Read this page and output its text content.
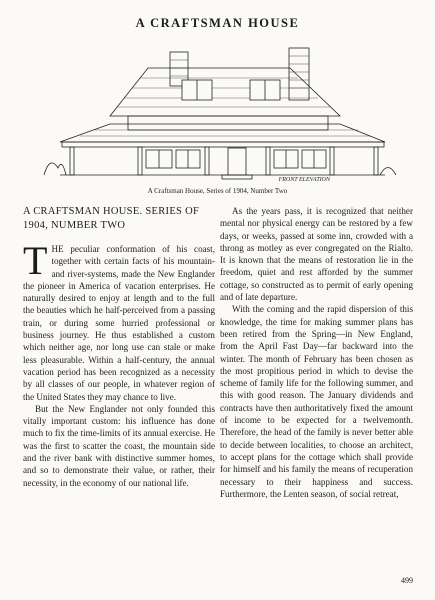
A CRAFTSMAN HOUSE
FRONT ELEVATION
A Craftsman House, Series of 1904, Number Two
A CRAFTSMAN HOUSE. SERIES OF 1904, NUMBER TWO

THE peculiar conformation of his coast, together with certain facts of his mountain- and river-systems, made the New Englander the pioneer in America of vacation enterprises. He naturally desired to enjoy at length and to the full the beauties which he half-perceived from a passing train, or during some hurried professional or business journey. He thus established a custom which neither age, nor long use can stale or make less pleasurable. Within a half-century, the annual vacation period has been recognized as a necessity by all classes of our people, in whatever region of the United States they may chance to live.

But the New Englander not only founded this vitally important custom: his influence has done much to fix the time-limits of its annual exercise. He was the first to scatter the coast, the mountain side and the river bank with distinctive summer homes, and so to demonstrate their value, or rather, their necessity, in the economy of our national life.

As the years pass, it is recognized that neither mental nor physical energy can be restored by a few days, or weeks, passed at some inn, crowded with a throng as motley as ever congregated on the Rialto. It is known that the means of restoration lie in the freedom, quiet and rest afforded by the summer cottage, so constructed as to permit of early opening and of late departure.

With the coming and the rapid dispersion of this knowledge, the time for making summer plans has been retired from the Spring—in New England, from the April Fast Day—far backward into the winter. The month of February has been chosen as the most propitious period in which to devise the scheme of family life for the following summer, and this with good reason. The January dividends and contracts have then authoritatively fixed the amount of income to be expected for a twelvemonth. Therefore, the head of the family is never better able to decide between localities, to choose an architect, to accept plans for the cottage which shall provide for himself and his family the means of recuperation necessary to their happiness and success. Furthermore, the Lenten season, of social retreat,

499
